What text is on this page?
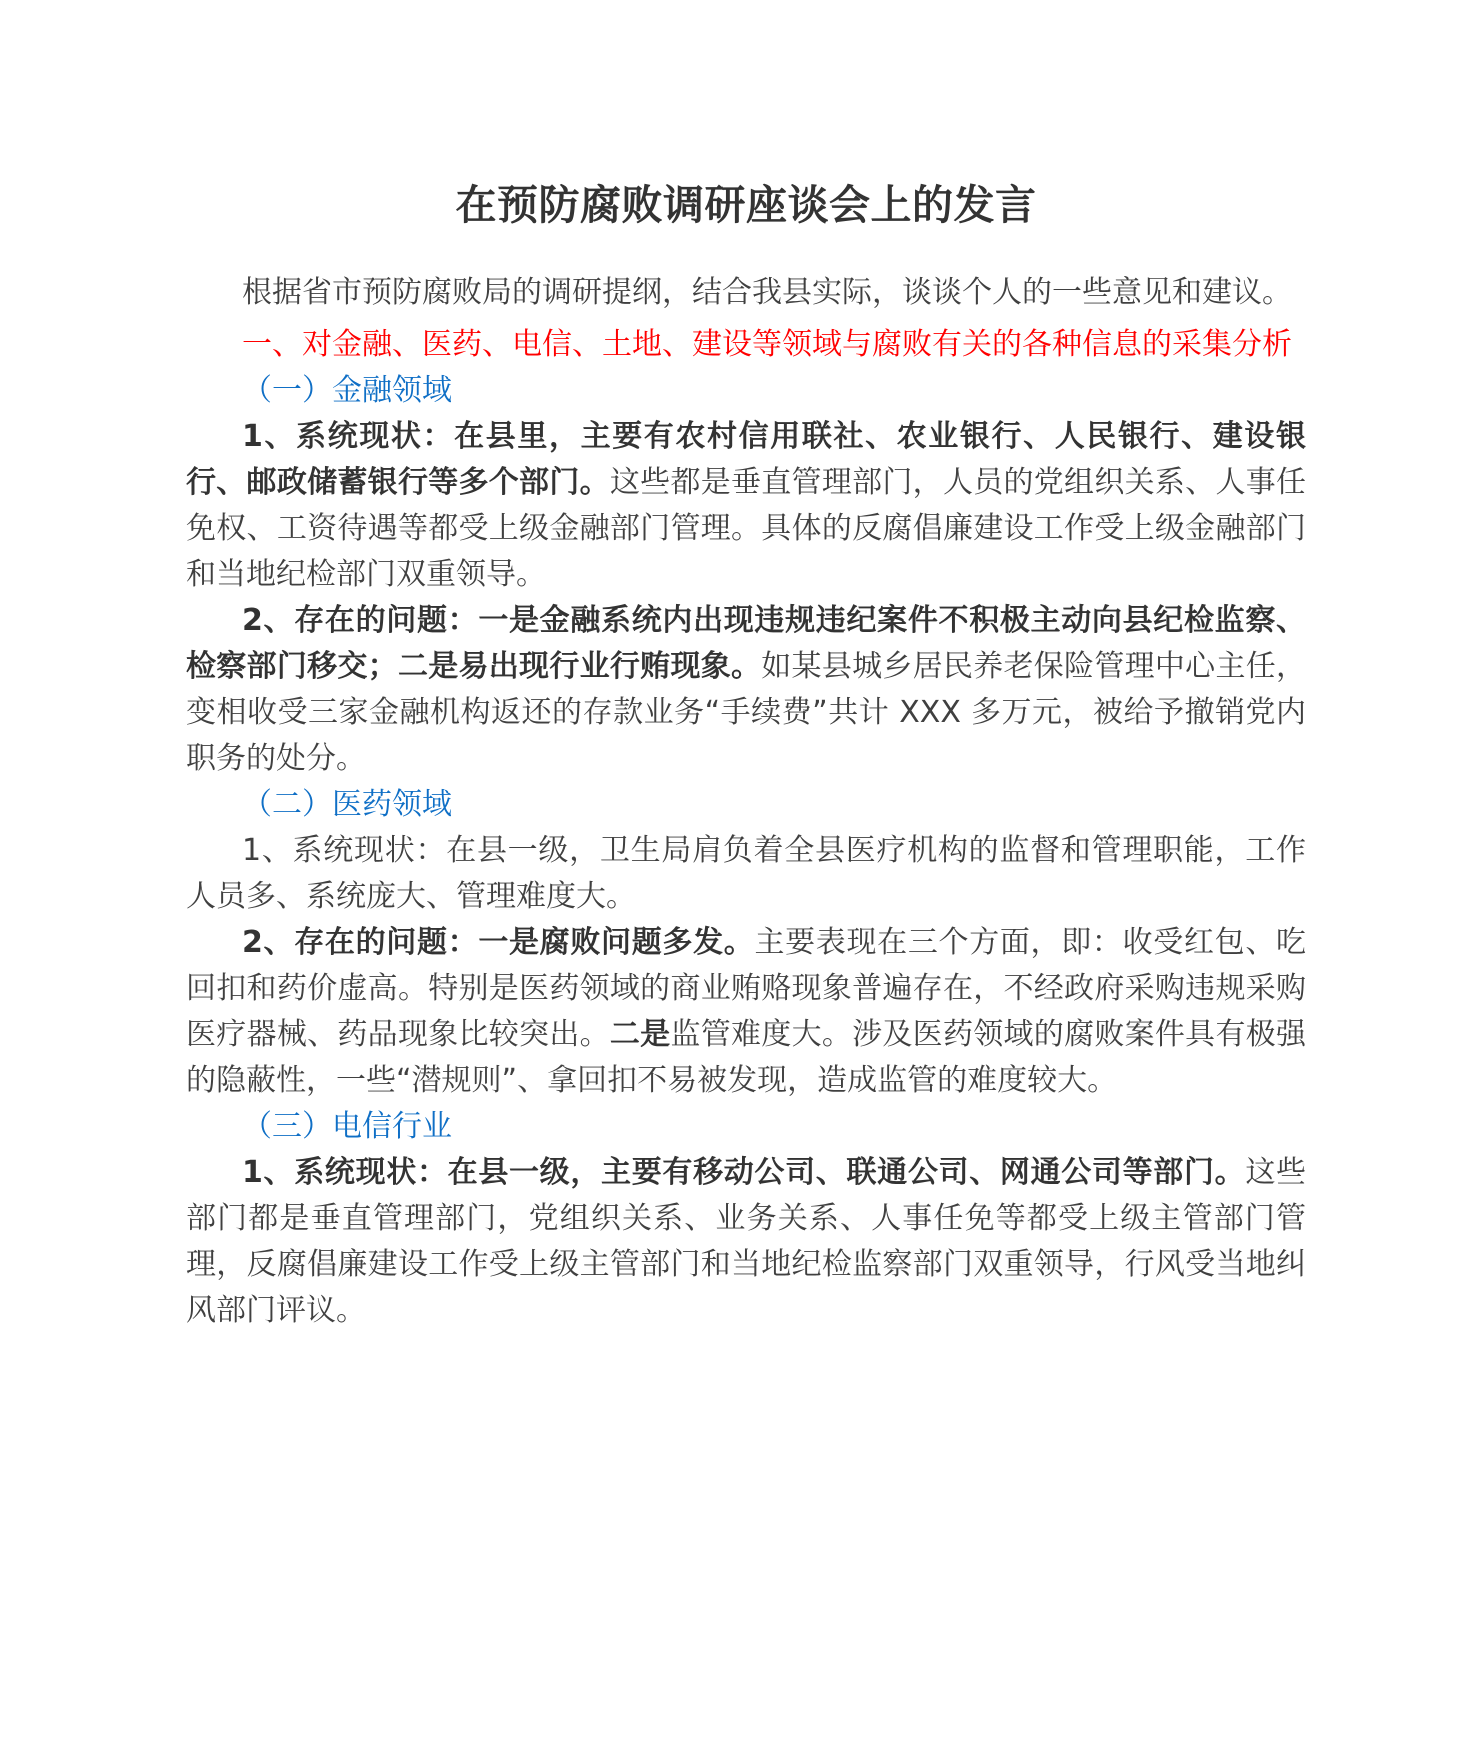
在预防腐败调研座谈会上的发言

根据省市预防腐败局的调研提纲，结合我县实际，谈谈个人的一些意见和建议。

一、对金融、医药、电信、土地、建设等领域与腐败有关的各种信息的采集分析

（一）金融领域

1、系统现状：在县里，主要有农村信用联社、农业银行、人民银行、建设银行、邮政储蓄银行等多个部门。这些都是垂直管理部门，人员的党组织关系、人事任免权、工资待遇等都受上级金融部门管理。具体的反腐倡廉建设工作受上级金融部门和当地纪检部门双重领导。

2、存在的问题：一是金融系统内出现违规违纪案件不积极主动向县纪检监察、检察部门移交；二是易出现行业行贿现象。如某县城乡居民养老保险管理中心主任，变相收受三家金融机构返还的存款业务“手续费”共计 XXX 多万元，被给予撤销党内职务的处分。

（二）医药领域

1、系统现状：在县一级，卫生局肩负着全县医疗机构的监督和管理职能，工作人员多、系统庞大、管理难度大。

2、存在的问题：一是腐败问题多发。主要表现在三个方面，即：收受红包、吃回扣和药价虚高。特别是医药领域的商业贿赂现象普遍存在，不经政府采购违规采购医疗器械、药品现象比较突出。二是监管难度大。涉及医药领域的腐败案件具有极强的隐蔽性，一些“潜规则”、拿回扣不易被发现，造成监管的难度较大。

（三）电信行业

1、系统现状：在县一级，主要有移动公司、联通公司、网通公司等部门。这些部门都是垂直管理部门，党组织关系、业务关系、人事任免等都受上级主管部门管理，反腐倡廉建设工作受上级主管部门和当地纪检监察部门双重领导，行风受当地纠风部门评议。
